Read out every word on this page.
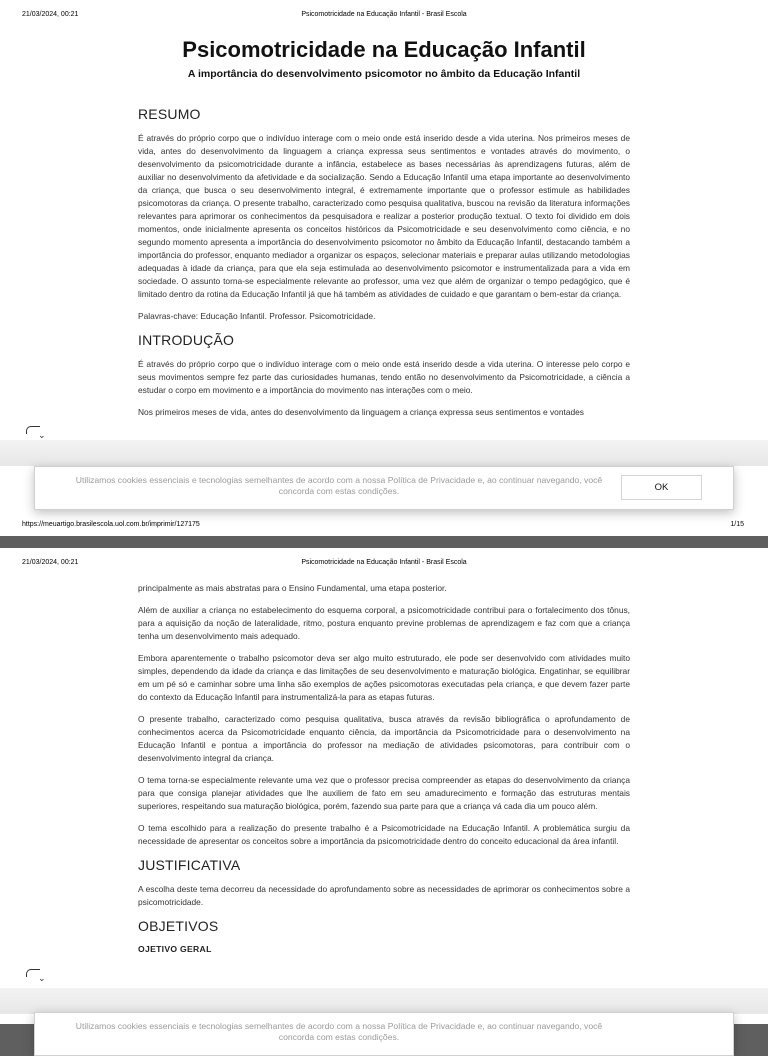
21/03/2024, 00:21	Psicomotricidade na Educação Infantil - Brasil Escola
Psicomotricidade na Educação Infantil
A importância do desenvolvimento psicomotor no âmbito da Educação Infantil
RESUMO

É através do próprio corpo que o indivíduo interage com o meio onde está inserido desde a vida uterina. Nos primeiros meses de vida, antes do desenvolvimento da linguagem a criança expressa seus sentimentos e vontades através do movimento, o desenvolvimento da psicomotricidade durante a infância, estabelece as bases necessárias às aprendizagens futuras, além de auxiliar no desenvolvimento da afetividade e da socialização. Sendo a Educação Infantil uma etapa importante ao desenvolvimento da criança, que busca o seu desenvolvimento integral, é extremamente importante que o professor estimule as habilidades psicomotoras da criança. O presente trabalho, caracterizado como pesquisa qualitativa, buscou na revisão da literatura informações relevantes para aprimorar os conhecimentos da pesquisadora e realizar a posterior produção textual. O texto foi dividido em dois momentos, onde inicialmente apresenta os conceitos históricos da Psicomotricidade e seu desenvolvimento como ciência, e no segundo momento apresenta a importância do desenvolvimento psicomotor no âmbito da Educação Infantil, destacando também a importância do professor, enquanto mediador a organizar os espaços, selecionar materiais e preparar aulas utilizando metodologias adequadas à idade da criança, para que ela seja estimulada ao desenvolvimento psicomotor e instrumentalizada para a vida em sociedade. O assunto torna-se especialmente relevante ao professor, uma vez que além de organizar o tempo pedagógico, que é limitado dentro da rotina da Educação Infantil já que há também as atividades de cuidado e que garantam o bem-estar da criança.

Palavras-chave: Educação Infantil. Professor. Psicomotricidade.

INTRODUÇÃO

É através do próprio corpo que o indivíduo interage com o meio onde está inserido desde a vida uterina. O interesse pelo corpo e seus movimentos sempre fez parte das curiosidades humanas, tendo então no desenvolvimento da Psicomotricidade, a ciência a estudar o corpo em movimento e a importância do movimento nas interações com o meio.

Nos primeiros meses de vida, antes do desenvolvimento da linguagem a criança expressa seus sentimentos e vontades

⌄
Utilizamos cookies essenciais e tecnologias semelhantes de acordo com a nossa Política de Privacidade e, ao continuar navegando, você concorda com estas condições.	OK
https://meuartigo.brasilescola.uol.com.br/imprimir/127175	1/15
21/03/2024, 00:21	Psicomotricidade na Educação Infantil - Brasil Escola

principalmente as mais abstratas para o Ensino Fundamental, uma etapa posterior.

Além de auxiliar a criança no estabelecimento do esquema corporal, a psicomotricidade contribui para o fortalecimento dos tônus, para a aquisição da noção de lateralidade, ritmo, postura enquanto previne problemas de aprendizagem e faz com que a criança tenha um desenvolvimento mais adequado.

Embora aparentemente o trabalho psicomotor deva ser algo muito estruturado, ele pode ser desenvolvido com atividades muito simples, dependendo da idade da criança e das limitações de seu desenvolvimento e maturação biológica. Engatinhar, se equilibrar em um pé só e caminhar sobre uma linha são exemplos de ações psicomotoras executadas pela criança, e que devem fazer parte do contexto da Educação Infantil para instrumentalizá-la para as etapas futuras.

O presente trabalho, caracterizado como pesquisa qualitativa, busca através da revisão bibliográfica o aprofundamento de conhecimentos acerca da Psicomotricidade enquanto ciência, da importância da Psicomotricidade para o desenvolvimento na Educação Infantil e pontua a importância do professor na mediação de atividades psicomotoras, para contribuir com o desenvolvimento integral da criança.

O tema torna-se especialmente relevante uma vez que o professor precisa compreender as etapas do desenvolvimento da criança para que consiga planejar atividades que lhe auxiliem de fato em seu amadurecimento e formação das estruturas mentais superiores, respeitando sua maturação biológica, porém, fazendo sua parte para que a criança vá cada dia um pouco além.

O tema escolhido para a realização do presente trabalho é a Psicomotricidade na Educação Infantil. A problemática surgiu da necessidade de apresentar os conceitos sobre a importância da psicomotricidade dentro do conceito educacional da área infantil.

JUSTIFICATIVA

A escolha deste tema decorreu da necessidade do aprofundamento sobre as necessidades de aprimorar os conhecimentos sobre a psicomotricidade.

OBJETIVOS
OJETIVO GERAL
⌄
Utilizamos cookies essenciais e tecnologias semelhantes de acordo com a nossa Política de Privacidade e, ao continuar navegando, você concorda com estas condições.
